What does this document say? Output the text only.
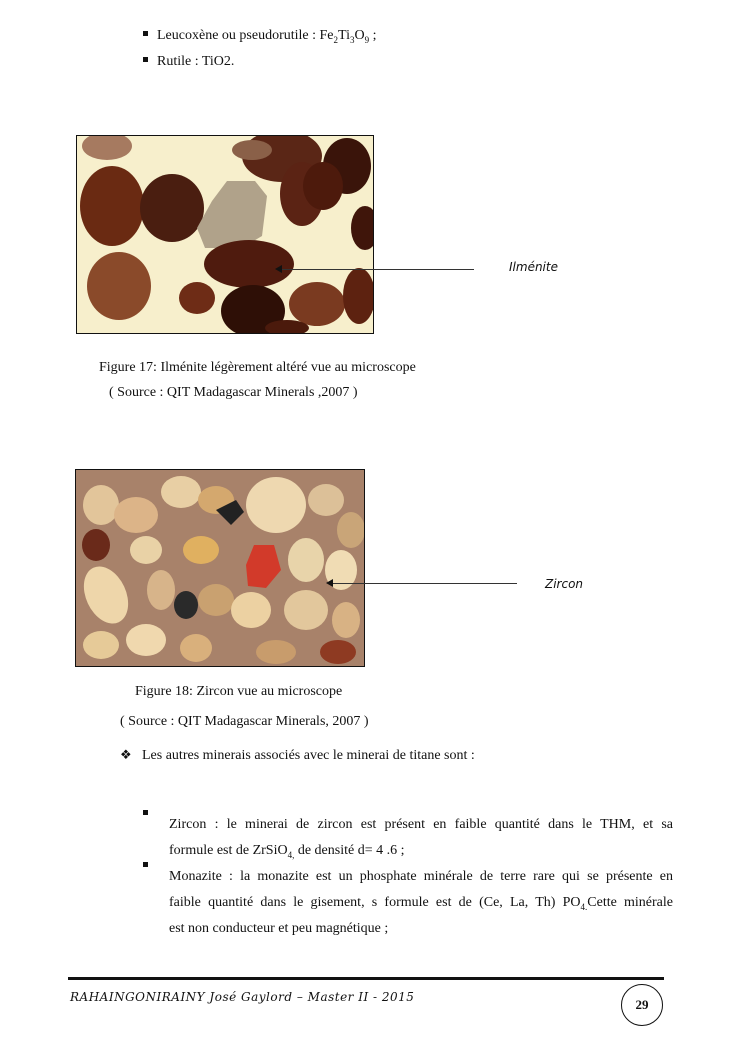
Leucoxène ou pseudorutile : $Fe_2Ti_3O_9$ ;
Rutile : TiO2.
Ilménite
Figure 17: Ilménite légèrement altéré vue au microscope
( Source : QIT Madagascar Minerals ,2007 )
Zircon
Figure 18: Zircon vue au microscope
( Source : QIT Madagascar Minerals, 2007 )
❖ Les autres minerais associés avec le minerai de titane sont :
Zircon : le minerai de zircon est présent en faible quantité dans le THM, et sa
formule est de ZrSiO$_{4,}$ de densité d= 4 .6 ;
Monazite : la monazite est un phosphate minérale de terre rare qui se présente en
faible quantité dans le gisement, s formule est de (Ce, La, Th) $PO_{4.}Cette$ minérale
est non conducteur et peu magnétique ;
RAHAINGONIRAINY José Gaylord – Master II - 2015	29
